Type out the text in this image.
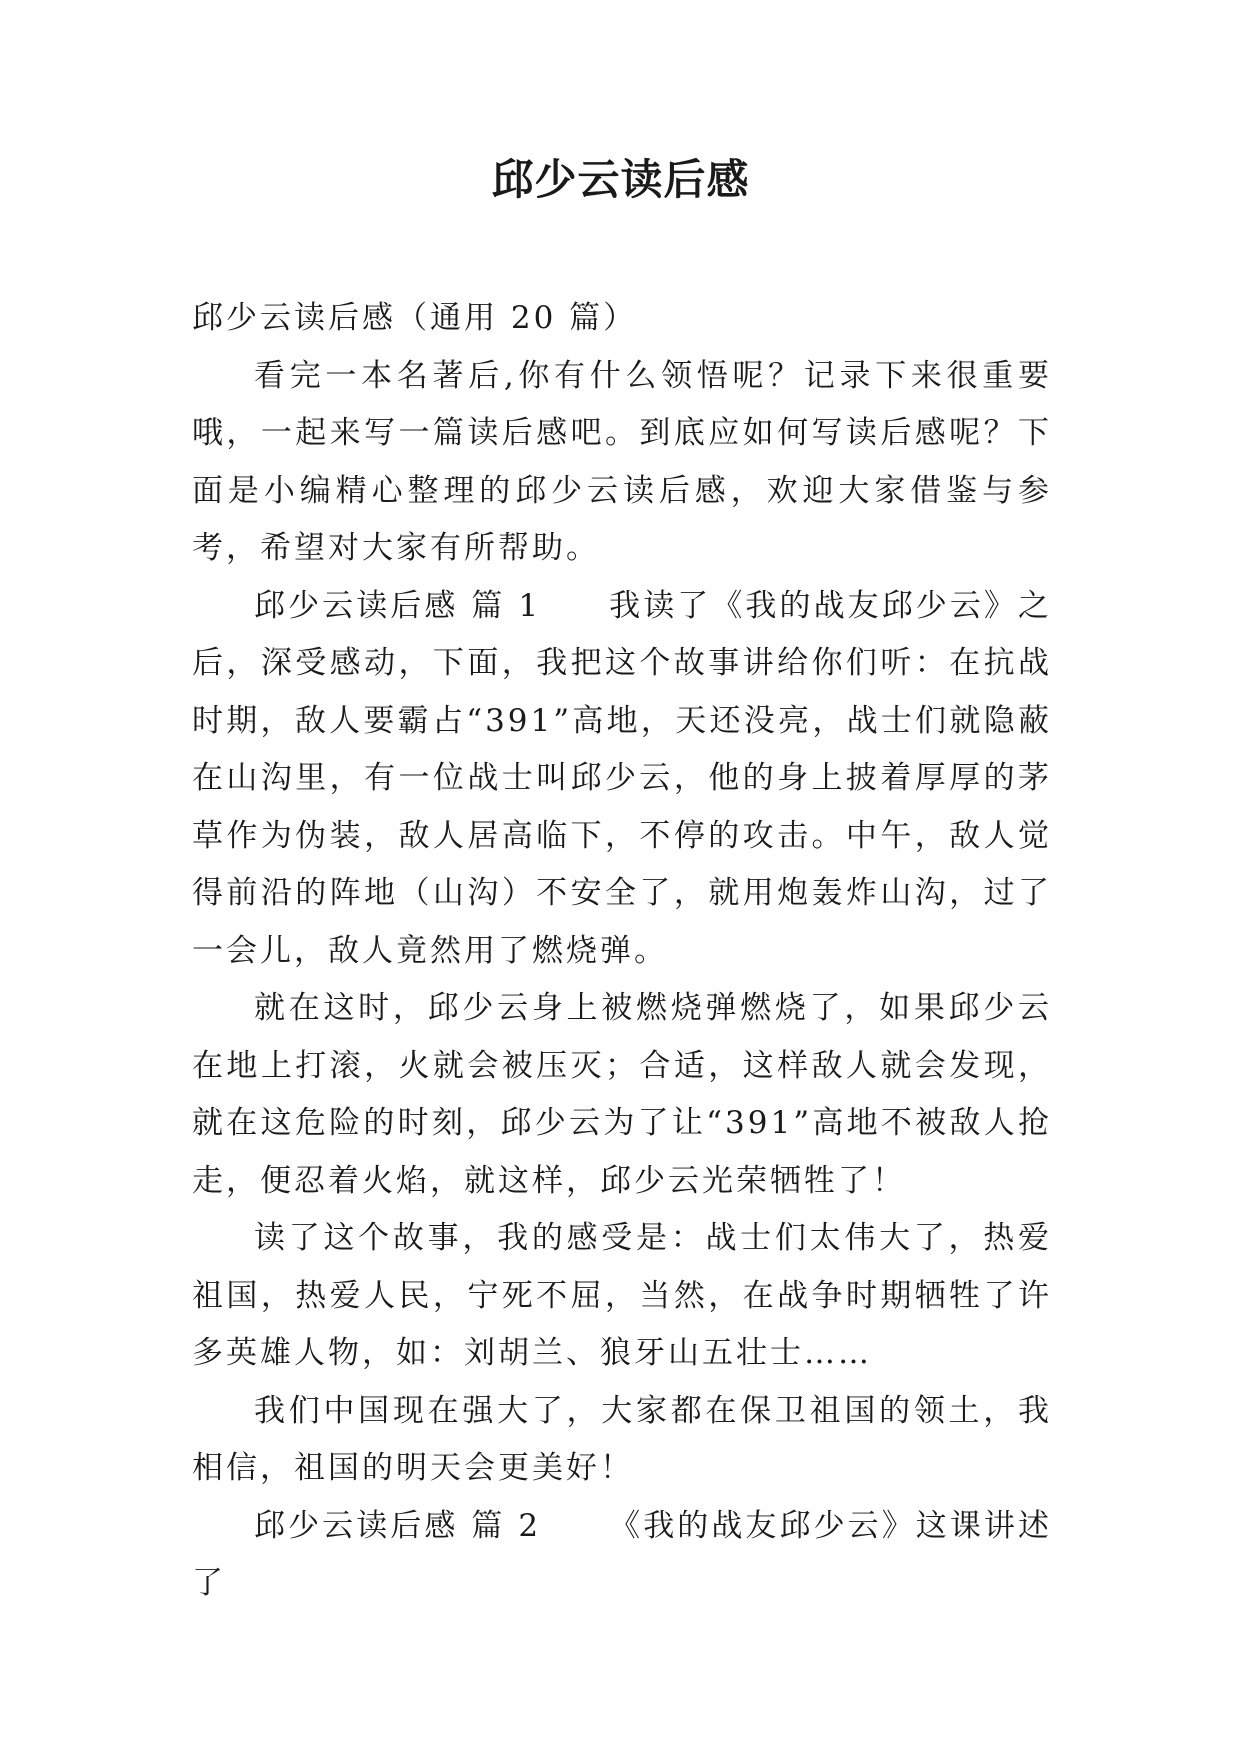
邱少云读后感

邱少云读后感（通用 20 篇）

看完一本名著后,你有什么领悟呢？记录下来很重要哦，一起来写一篇读后感吧。到底应如何写读后感呢？下面是小编精心整理的邱少云读后感，欢迎大家借鉴与参考，希望对大家有所帮助。

邱少云读后感 篇 1 我读了《我的战友邱少云》之后，深受感动，下面，我把这个故事讲给你们听：在抗战时期，敌人要霸占“391”高地，天还没亮，战士们就隐蔽在山沟里，有一位战士叫邱少云，他的身上披着厚厚的茅草作为伪装，敌人居高临下，不停的攻击。中午，敌人觉得前沿的阵地（山沟）不安全了，就用炮轰炸山沟，过了一会儿，敌人竟然用了燃烧弹。

就在这时，邱少云身上被燃烧弹燃烧了，如果邱少云在地上打滚，火就会被压灭；合适，这样敌人就会发现，就在这危险的时刻，邱少云为了让“391”高地不被敌人抢走，便忍着火焰，就这样，邱少云光荣牺牲了！

读了这个故事，我的感受是：战士们太伟大了，热爱祖国，热爱人民，宁死不屈，当然，在战争时期牺牲了许多英雄人物，如：刘胡兰、狼牙山五壮士……

我们中国现在强大了，大家都在保卫祖国的领土，我相信，祖国的明天会更美好！

邱少云读后感 篇 2 《我的战友邱少云》这课讲述了
